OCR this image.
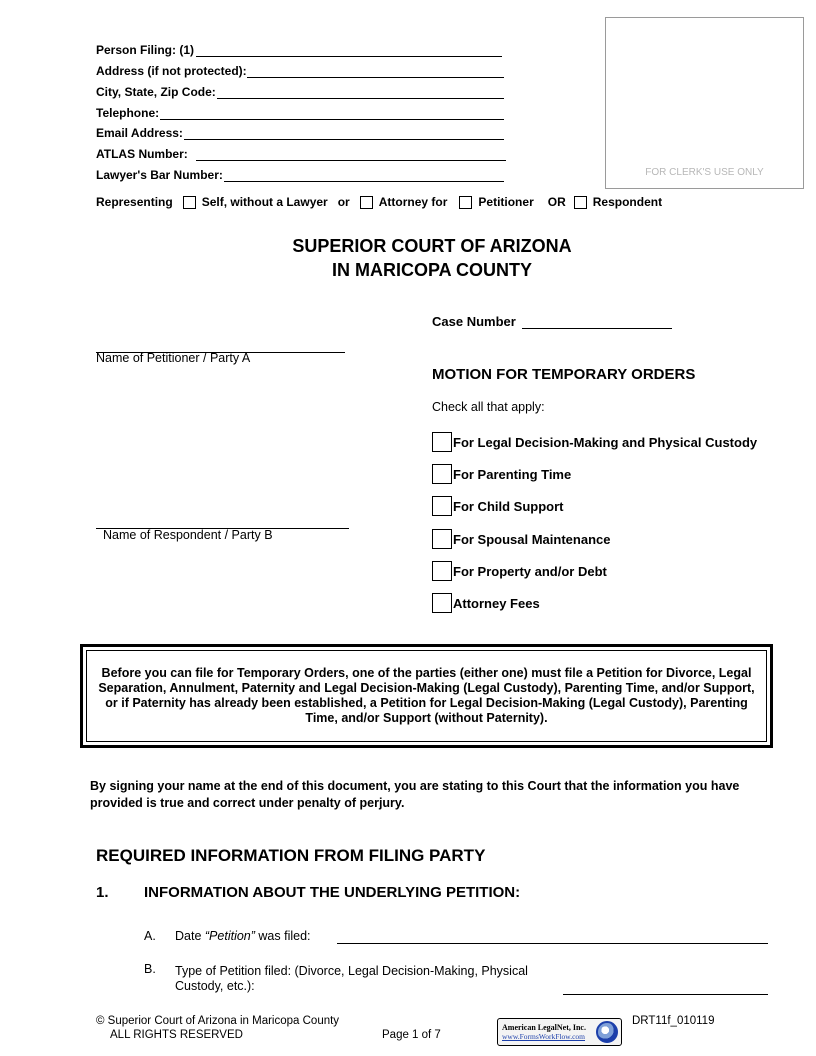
Person Filing: (1)
Address (if not protected):
City, State, Zip Code:
Telephone:
Email Address:
ATLAS Number:
Lawyer's Bar Number:	FOR CLERK'S USE ONLY
Representing Self, without a Lawyer or Attorney for	Petitioner OR Respondent
SUPERIOR COURT OF ARIZONA
IN MARICOPA COUNTY
Case Number
Name of Petitioner / Party A
Name of Respondent / Party B
MOTION FOR TEMPORARY ORDERS
Check all that apply:
For Legal Decision-Making and Physical Custody
For Parenting Time
For Child Support
For Spousal Maintenance
For Property and/or Debt
Attorney Fees
Before you can file for Temporary Orders, one of the parties (either one) must file a Petition for Divorce, Legal Separation, Annulment, Paternity and Legal Decision-Making (Legal Custody), Parenting Time, and/or Support, or if Paternity has already been established, a Petition for Legal Decision-Making (Legal Custody), Parenting Time, and/or Support (without Paternity).
By signing your name at the end of this document, you are stating to this Court that the information you have provided is true and correct under penalty of perjury.
REQUIRED INFORMATION FROM FILING PARTY
1. INFORMATION ABOUT THE UNDERLYING PETITION:
A. Date “Petition” was filed:
B. Type of Petition filed: (Divorce, Legal Decision-Making, Physical
Custody, etc.):
© Superior Court of Arizona in Maricopa County
ALL RIGHTS RESERVED	Page 1 of 7
DRT11f_010119
American LegalNet, Inc.
www.FormsWorkFlow.com
